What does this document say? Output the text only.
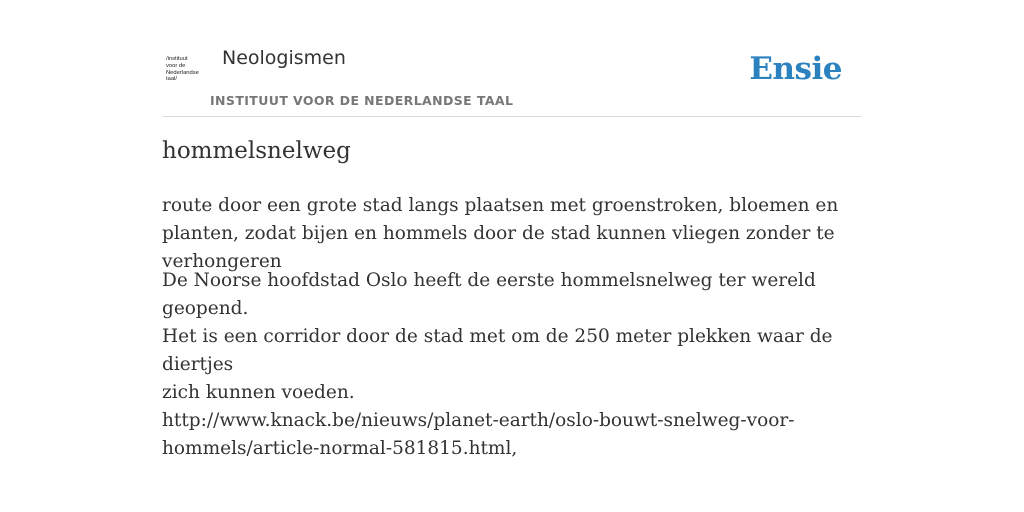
/instituut
voor de
Nederlandse
taal/
Neologismen
INSTITUUT VOOR DE NEDERLANDSE TAAL
Ensie
hommelsnelweg
route door een grote stad langs plaatsen met groenstroken, bloemen en planten, zodat bijen en hommels door de stad kunnen vliegen zonder te verhongeren
De Noorse hoofdstad Oslo heeft de eerste hommelsnelweg ter wereld geopend.
Het is een corridor door de stad met om de 250 meter plekken waar de diertjes
zich kunnen voeden.
http://www.knack.be/nieuws/planet-earth/oslo-bouwt-snelweg-voor-
hommels/article-normal-581815.html,
